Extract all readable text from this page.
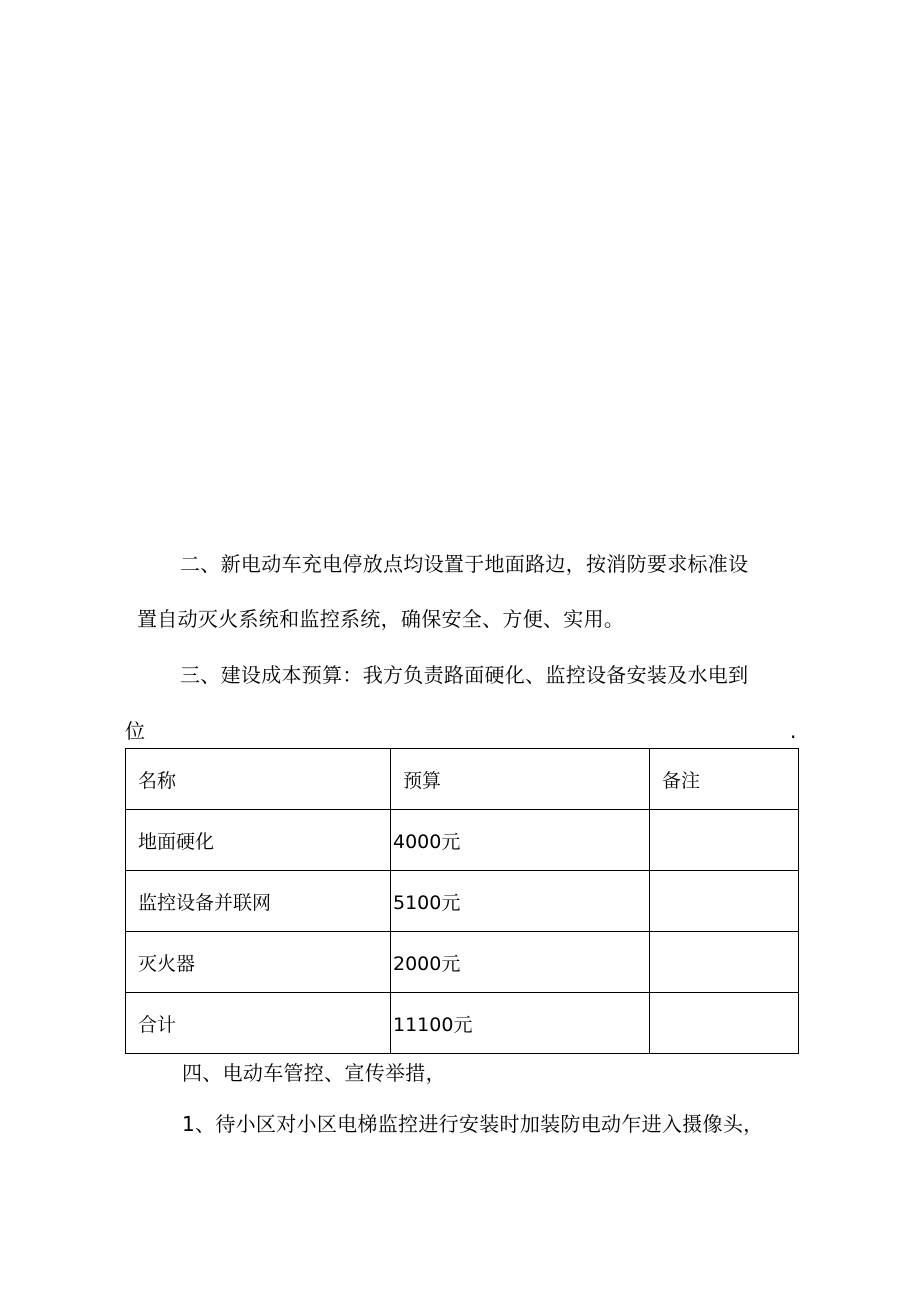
二、新电动车充电停放点均设置于地面路边，按消防要求标准设
置自动灭火系统和监控系统，确保安全、方便、实用。
三、建设成本预算：我方负责路面硬化、监控设备安装及水电到
位	.
名称	预算	备注
地面硬化	4000元	
监控设备并联网	5100元	
灭火器	2000元	
合计	11100元	
四、电动车管控、宣传举措，
1、待小区对小区电梯监控进行安装时加装防电动乍进入摄像头，
